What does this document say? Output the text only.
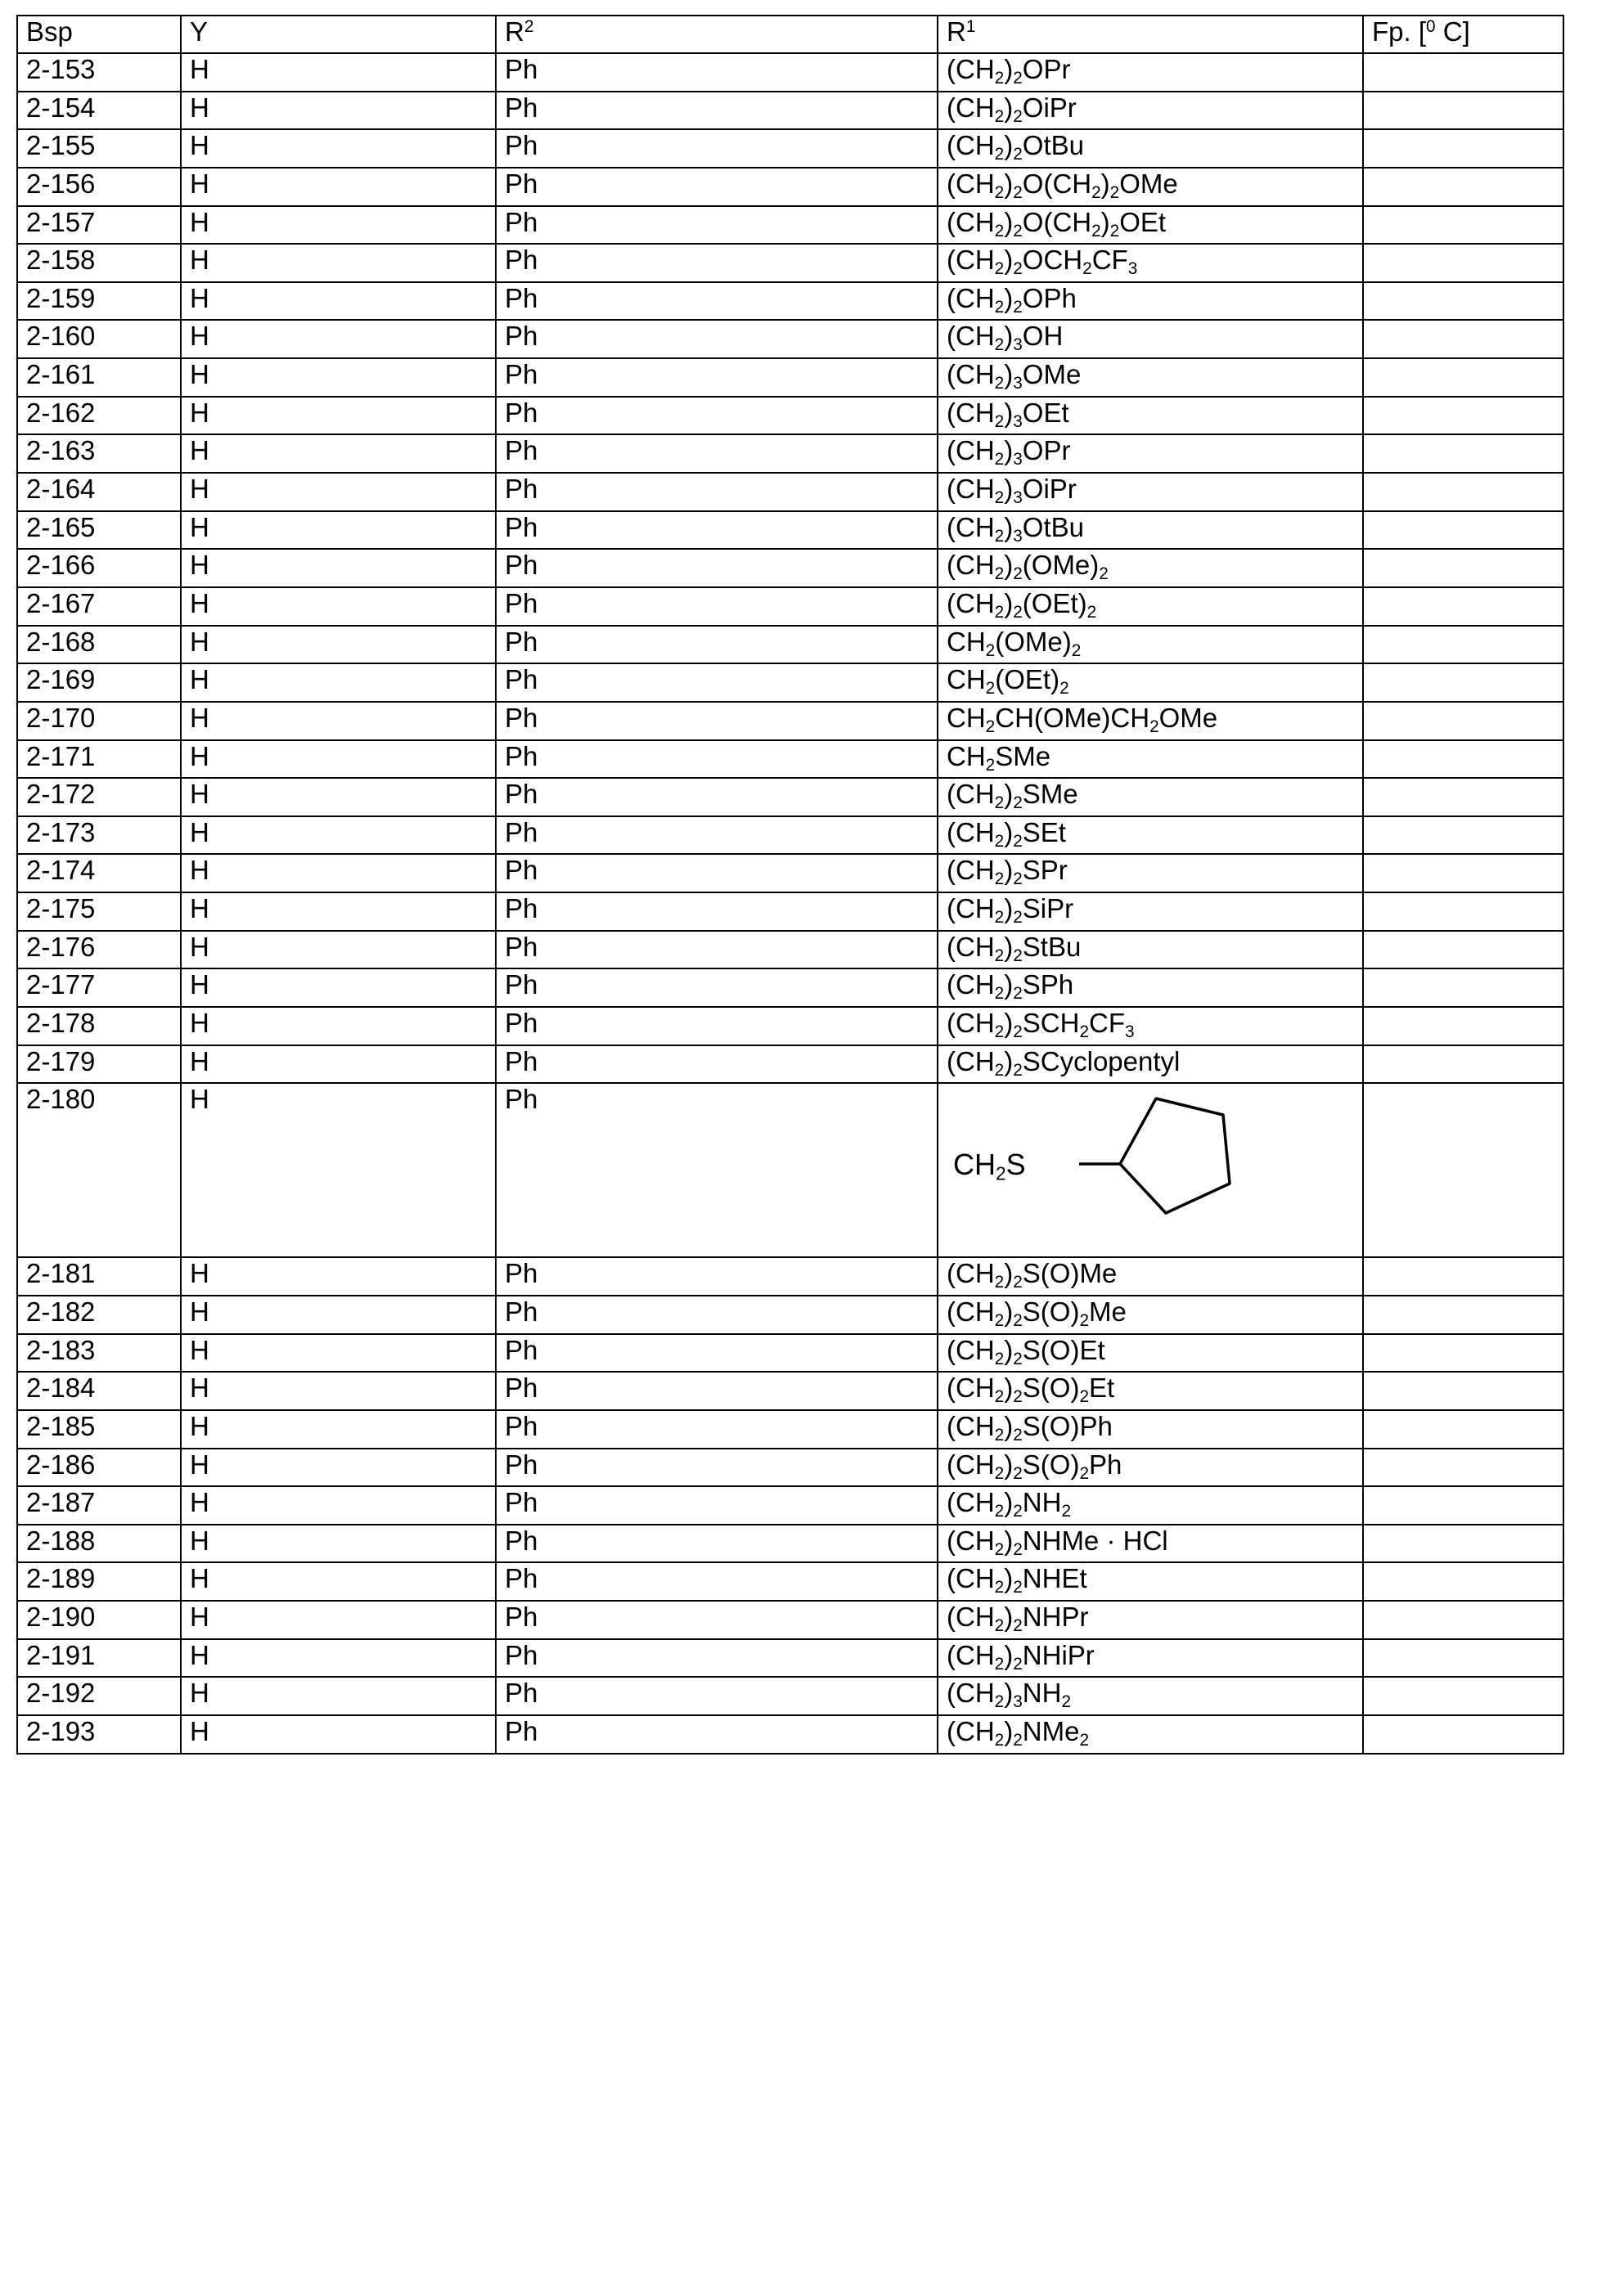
Bsp	Y	$R^2$	$R^1$	Fp. [$^0$ C]
2-153	H	Ph	$(CH_2)_2OPr$	
2-154	H	Ph	$(CH_2)_2OiPr$	
2-155	H	Ph	$(CH_2)_2OtBu$	
2-156	H	Ph	$(CH_2)_2O(CH_2)_2OMe$	
2-157	H	Ph	$(CH_2)_2O(CH_2)_2OEt$	
2-158	H	Ph	$(CH_2)_2OCH_2CF_3$	
2-159	H	Ph	$(CH_2)_2OPh$	
2-160	H	Ph	$(CH_2)_3OH$	
2-161	H	Ph	$(CH_2)_3OMe$	
2-162	H	Ph	$(CH_2)_3OEt$	
2-163	H	Ph	$(CH_2)_3OPr$	
2-164	H	Ph	$(CH_2)_3OiPr$	
2-165	H	Ph	$(CH_2)_3OtBu$	
2-166	H	Ph	$(CH_2)_2(OMe)_2$	
2-167	H	Ph	$(CH_2)_2(OEt)_2$	
2-168	H	Ph	$CH_2(OMe)_2$	
2-169	H	Ph	$CH_2(OEt)_2$	
2-170	H	Ph	$CH_2CH(OMe)CH_2OMe$	
2-171	H	Ph	$CH_2SMe$	
2-172	H	Ph	$(CH_2)_2SMe$	
2-173	H	Ph	$(CH_2)_2SEt$	
2-174	H	Ph	$(CH_2)_2SPr$	
2-175	H	Ph	$(CH_2)_2SiPr$	
2-176	H	Ph	$(CH_2)_2StBu$	
2-177	H	Ph	$(CH_2)_2SPh$	
2-178	H	Ph	$(CH_2)_2SCH_2CF_3$	
2-179	H	Ph	$(CH_2)_2SCyclopentyl$	
2-180	H	Ph	$CH_2S$	

2-181	H	Ph	$(CH_2)_2S(O)Me$	
2-182	H	Ph	$(CH_2)_2S(O)_2Me$	
2-183	H	Ph	$(CH_2)_2S(O)Et$	
2-184	H	Ph	$(CH_2)_2S(O)_2Et$	
2-185	H	Ph	$(CH_2)_2S(O)Ph$	
2-186	H	Ph	$(CH_2)_2S(O)_2Ph$	
2-187	H	Ph	$(CH_2)_2NH_2$	
2-188	H	Ph	$(CH_2)_2NHMe$ · HCl	
2-189	H	Ph	$(CH_2)_2NHEt$	
2-190	H	Ph	$(CH_2)_2NHPr$	
2-191	H	Ph	$(CH_2)_2NHiPr$	
2-192	H	Ph	$(CH_2)_3NH_2$	
2-193	H	Ph	$(CH_2)_2NMe_2$	
